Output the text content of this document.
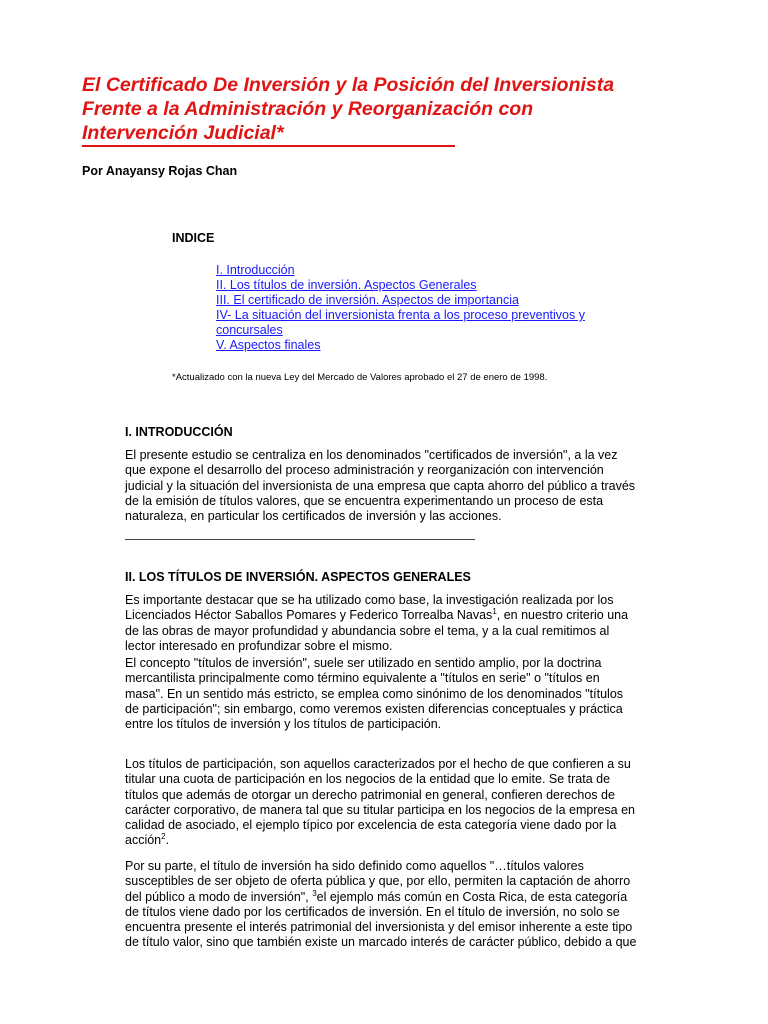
El Certificado De Inversión y la Posición del Inversionista
Frente a la Administración y Reorganización con
Intervención Judicial*
Por Anayansy Rojas Chan
INDICE
I. Introducción
II. Los títulos de inversión. Aspectos Generales
III. El certificado de inversión. Aspectos de importancia
IV- La situación del inversionista frenta a los proceso preventivos y
concursales
V. Aspectos finales
*Actualizado con la nueva Ley del Mercado de Valores aprobado el 27 de enero de 1998.
I. INTRODUCCIÓN

El presente estudio se centraliza en los denominados "certificados de inversión", a la vez
que expone el desarrollo del proceso administración y reorganización con intervención
judicial y la situación del inversionista de una empresa que capta ahorro del público a través
de la emisión de títulos valores, que se encuentra experimentando un proceso de esta
naturaleza, en particular los certificados de inversión y las acciones.

II. LOS TÍTULOS DE INVERSIÓN. ASPECTOS GENERALES

Es importante destacar que se ha utilizado como base, la investigación realizada por los
Licenciados Héctor Saballos Pomares y Federico Torrealba Navas$^1$, en nuestro criterio una
de las obras de mayor profundidad y abundancia sobre el tema, y a la cual remitimos al
lector interesado en profundizar sobre el mismo.

El concepto "títulos de inversión", suele ser utilizado en sentido amplio, por la doctrina
mercantilista principalmente como término equivalente a "títulos en serie" o "títulos en
masa". En un sentido más estricto, se emplea como sinónimo de los denominados "títulos
de participación"; sin embargo, como veremos existen diferencias conceptuales y práctica
entre los títulos de inversión y los títulos de participación.

Los títulos de participación, son aquellos caracterizados por el hecho de que confieren a su
titular una cuota de participación en los negocios de la entidad que lo emite. Se trata de
títulos que además de otorgar un derecho patrimonial en general, confieren derechos de
carácter corporativo, de manera tal que su titular participa en los negocios de la empresa en
calidad de asociado, el ejemplo típico por excelencia de esta categoría viene dado por la
acción$^2$.

Por su parte, el título de inversión ha sido definido como aquellos "…títulos valores
susceptibles de ser objeto de oferta pública y que, por ello, permiten la captación de ahorro
del público a modo de inversión", $^3$el ejemplo más común en Costa Rica, de esta categoría
de títulos viene dado por los certificados de inversión. En el título de inversión, no solo se
encuentra presente el interés patrimonial del inversionista y del emisor inherente a este tipo
de título valor, sino que también existe un marcado interés de carácter público, debido a que
